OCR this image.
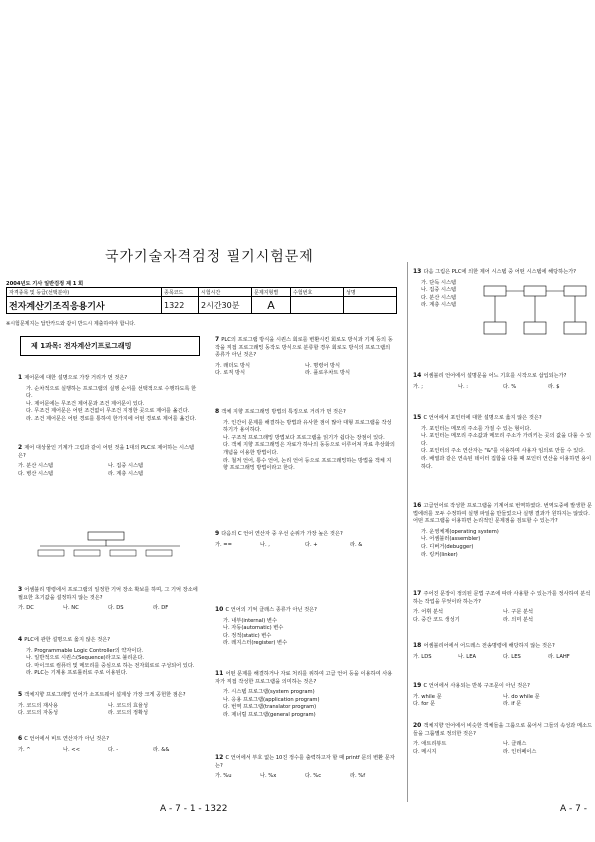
국가기술자격검정 필기시험문제
2004년도 기사 일반검정 제 1 회
자격종목 및 등급(선택분야)	종목코드	시험시간	문제지형별	수험번호	성명
전자계산기조직응용기사	1322	2시간30분	A		
※시험문제지는 답안카드와 같이 반드시 제출하여야 합니다.
제 1과목: 전자계산기프로그래밍
1 제어문에 대한 설명으로 가장 거리가 먼 것은?
가. 순차적으로 실행하는 프로그램의 실행 순서를 선택적으로 수행하도록 한다.
나. 제어문에는 무조건 제어문과 조건 제어문이 있다.
다. 무조건 제어문은 어떤 조건없이 무조건 지정한 곳으로 제어를 옮긴다.
라. 조건 제어문은 어떤 경로를 통하여 한가지에 어떤 경로로 제어를 옮긴다.
2 제어 대상물인 기계가 그림과 같이 어떤 것을 1대의 PLC로 제어하는 시스템은?
가. 분산 시스템	나. 집중 시스템
다. 병산 시스템	라. 계층 시스템
3 어셈블리 명령에서 프로그램의 일정한 기억 장소 확보를 하며, 그 기억 장소에 필요한 초기값을 설정하지 않는 것은?
가. DC	나. NC	다. DS	라. DF
4 PLC에 관한 설명으로 옳지 않은 것은?
가. Programmable Logic Controller의 약자이다.
나. 일반적으로 시퀀스(Sequence)라고도 불리운다.
다. 마이크로 컴퓨터 및 메모리를 중심으로 하는 전자회로로 구성되어 있다.
라. PLC는 기계용 프로톨러로 주로 이용된다.
5 객체지향 프로그래밍 언어가 소프트웨어 설계상 가장 크게 공헌한 점은?
가. 코드의 재사용	나. 코드의 효율성
다. 코드의 자동성	라. 코드의 정확성
6 C 언어에서 비트 연산자가 아닌 것은?
가. ^	나. <<	다. -	라. &&
7 PLC의 프로그램 방식을 시퀀스 회로를 변환시킨 회로도 방식과 기계 등의 동작을 직접 프로그래밍 동작도 방식으로 분류할 경우 회로도 방식의 프로그램의 종류가 아닌 것은?
가. 래더도 방식	나. 명령어 방식
다. 로직 방식	라. 플로우차트 방식
8 객체 지향 프로그래밍 방법의 특징으로 거리가 먼 것은?
가. 인간이 문제를 해결하는 방법과 유사한 점이 많아 대형 프로그램을 작성하기가 용이하다.
나. 구조적 프로그래밍 방법보다 프로그램을 읽기가 쉽다는 장점이 있다.
다. 객체 지향 프로그래밍은 자료가 하나의 동등으로 이루어져 자료 추상화의 개념을 이용한 방법이다.
라. 철저 언어, 통수 언어, 논리 언어 등으로 프로그래밍하는 방법을 객체 지향 프로그래밍 방법이라고 한다.
9 다음의 C 언어 연산자 중 우선 순위가 가장 높은 것은?
가. ==	나. ,	다. +	라. &
10 C 언어의 기억 클래스 종류가 아닌 것은?
가. 내부(internal) 변수
나. 자동(automatic) 변수
다. 정적(static) 변수
라. 레지스터(register) 변수
11 어떤 문제를 해결하거나 자료 처리를 위하여 고급 언어 등을 이용하여 사용자가 직접 작성한 프로그램을 의미하는 것은?
가. 시스템 프로그램(system program)
나. 응용 프로그램(application program)
다. 번역 프로그램(translator program)
라. 제너럴 프로그램(general program)
12 C 언어에서 부호 없는 10진 정수를 출력하고자 할 때 printf 문의 변환 문자는?
가. %u	나. %x	다. %c	라. %f
13 다음 그림은 PLC에 의한 제어 시스템 중 어떤 시스템에 해당하는가?
가. 단독 시스템
나. 집중 시스템
다. 분산 시스템
라. 계층 시스템
14 어셈블리 언어에서 설명문을 어느 기호를 시작으로 삽입되는가?
가. ;	나. :	다. %	라. $
15 C 언어에서 포인터에 대한 설명으로 옳지 않은 것은?
가. 포인터는 메모리 주소를 가질 수 있는 형이다.
나. 포인터는 메모리 주소값과 메모리 주소가 가리키는 곳의 값을 다룰 수 있다.
다. 포인터의 주소 연산자는 "&"를 이용하며 사용자 임의로 만들 수 있다.
라. 배열과 같은 연속된 데이터 집합을 다룰 때 포인터 연산을 이용하면 용이하다.
16 고급언어로 작성한 프로그램을 기계어로 번역하였다. 번역도중에 발생한 문법에러를 모두 수정하여 실행 파일을 만들었으나 실행 결과가 원하지는 않았다. 어떤 프로그램을 이용하면 논리적인 문제점을 검토할 수 있는가?
가. 운영체제(operating system)
나. 어셈블러(assembler)
다. 디버거(debugger)
라. 링커(linker)
17 주어진 문장이 정의된 문법 구조에 따라 사용할 수 있는가를 정사하여 분석하는 작업을 무엇이라 하는가?
가. 어휘 분석	나. 구문 분석
다. 중간 코드 생성기	라. 의미 분석
18 어셈블리어에서 어드레스 전송명령에 해당하지 않는 것은?
가. LDS	나. LEA	다. LES	라. LAHF
19 C 언어에서 사용되는 반복 구조문이 아닌 것은?
가. while 문	나. do while 문
다. for 문	라. if 문
20 객체지향 언어에서 비슷한 객체들을 그룹으로 묶어서 그들의 속성과 메소드들을 그룹별로 정의한 것은?
가. 애트리뷰트	나. 클래스
다. 메시지	라. 인터페이스
A - 7 - 1 - 1322	A - 7 -
